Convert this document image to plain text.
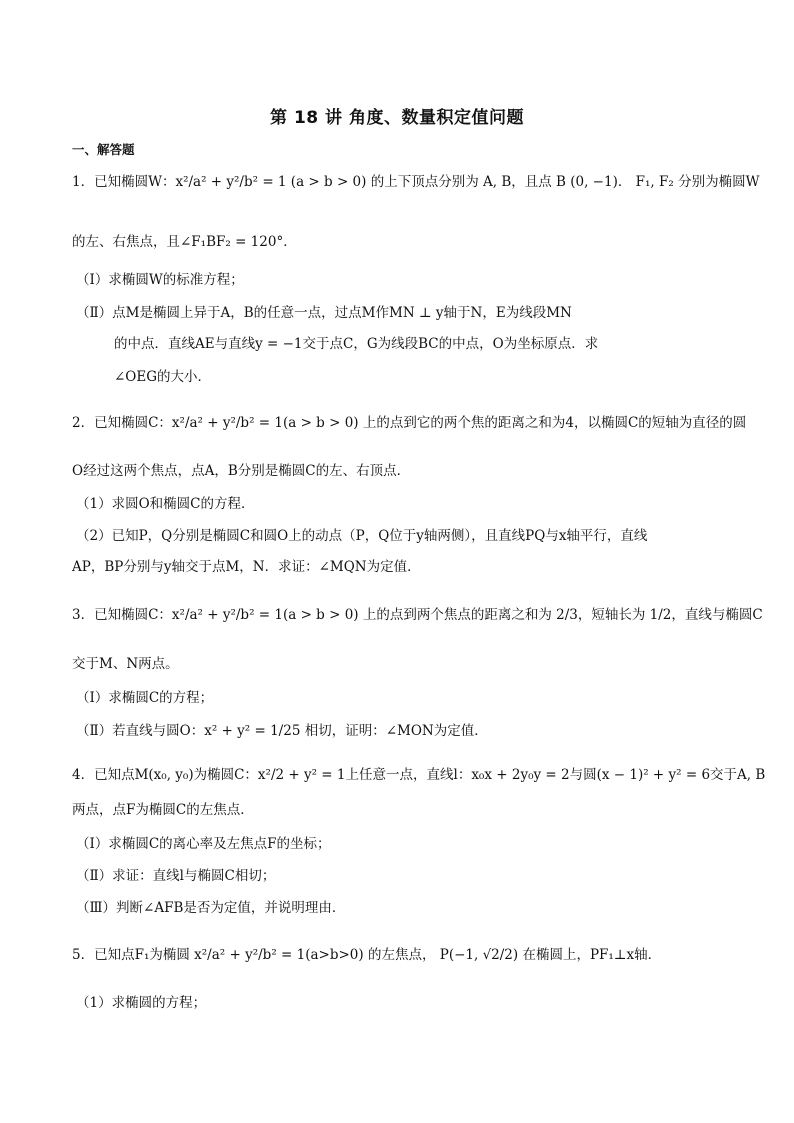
第 18 讲 角度、数量积定值问题
一、解答题
1．已知椭圆W：x²/a² + y²/b² = 1 (a > b > 0) 的上下顶点分别为 A, B，且点 B (0, −1)． F₁, F₂ 分别为椭圆W
的左、右焦点，且∠F₁BF₂ = 120°．
（Ⅰ）求椭圆W的标准方程；
（Ⅱ）点M是椭圆上异于A，B的任意一点，过点M作MN ⊥ y轴于N，E为线段MN
的中点．直线AE与直线y = −1交于点C，G为线段BC的中点，O为坐标原点．求
∠OEG的大小．
2．已知椭圆C：x²/a² + y²/b² = 1(a > b > 0) 上的点到它的两个焦的距离之和为4，以椭圆C的短轴为直径的圆
O经过这两个焦点，点A，B分别是椭圆C的左、右顶点．
（1）求圆O和椭圆C的方程．
（2）已知P，Q分别是椭圆C和圆O上的动点（P，Q位于y轴两侧），且直线PQ与x轴平行，直线
AP，BP分别与y轴交于点M，N．求证：∠MQN为定值．
3．已知椭圆C：x²/a² + y²/b² = 1(a > b > 0) 上的点到两个焦点的距离之和为 2/3，短轴长为 1/2，直线与椭圆C
交于M、N两点。
（Ⅰ）求椭圆C的方程；
（Ⅱ）若直线与圆O：x² + y² = 1/25 相切，证明：∠MON为定值．
4．已知点M(x₀, y₀)为椭圆C：x²/2 + y² = 1上任意一点，直线l：x₀x + 2y₀y = 2与圆(x − 1)² + y² = 6交于A, B
两点，点F为椭圆C的左焦点．
（Ⅰ）求椭圆C的离心率及左焦点F的坐标；
（Ⅱ）求证：直线l与椭圆C相切；
（Ⅲ）判断∠AFB是否为定值，并说明理由．
5．已知点F₁为椭圆 x²/a² + y²/b² = 1(a>b>0) 的左焦点， P(−1, √2/2) 在椭圆上，PF₁⊥x轴．
（1）求椭圆的方程；
